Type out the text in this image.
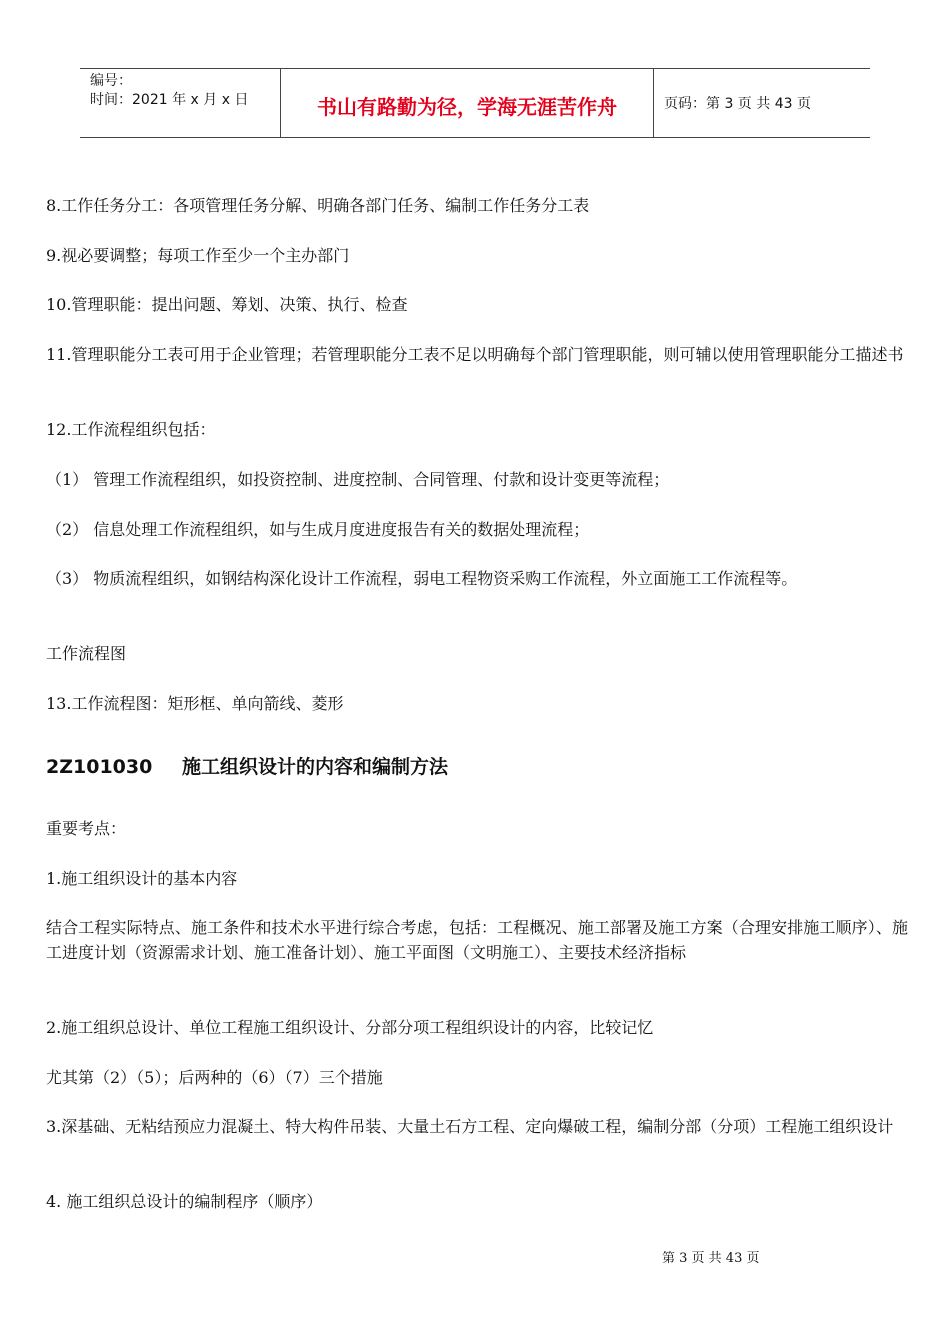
编号：
时间：2021 年 x 月 x 日	书山有路勤为径，学海无涯苦作舟	页码：第 3 页 共 43 页
8.工作任务分工：各项管理任务分解、明确各部门任务、编制工作任务分工表
9.视必要调整；每项工作至少一个主办部门
10.管理职能：提出问题、筹划、决策、执行、检查
11.管理职能分工表可用于企业管理；若管理职能分工表不足以明确每个部门管理职能，则可辅以使用管理职能分工描述书
12.工作流程组织包括：
（1） 管理工作流程组织，如投资控制、进度控制、合同管理、付款和设计变更等流程；
（2） 信息处理工作流程组织，如与生成月度进度报告有关的数据处理流程；
（3） 物质流程组织，如钢结构深化设计工作流程，弱电工程物资采购工作流程，外立面施工工作流程等。
工作流程图
13.工作流程图：矩形框、单向箭线、菱形
2Z101030 施工组织设计的内容和编制方法
重要考点：
1.施工组织设计的基本内容
结合工程实际特点、施工条件和技术水平进行综合考虑，包括：工程概况、施工部署及施工方案（合理安排施工顺序）、施工进度计划（资源需求计划、施工准备计划）、施工平面图（文明施工）、主要技术经济指标
2.施工组织总设计、单位工程施工组织设计、分部分项工程组织设计的内容，比较记忆
尤其第（2）（5）；后两种的（6）（7）三个措施
3.深基础、无粘结预应力混凝土、特大构件吊装、大量土石方工程、定向爆破工程，编制分部（分项）工程施工组织设计
4. 施工组织总设计的编制程序（顺序）
第 3 页 共 43 页
